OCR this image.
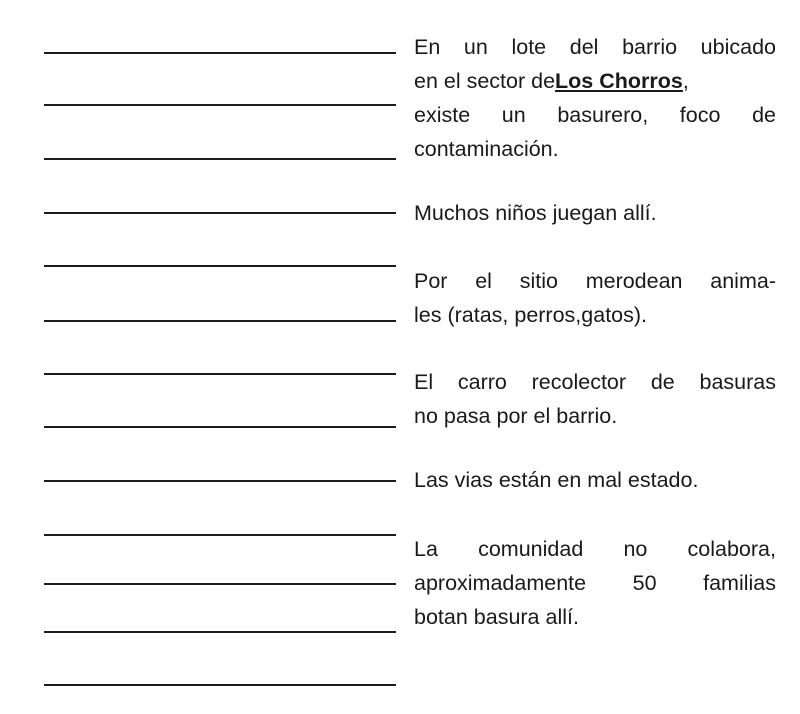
En un lote del barrio ubicado
en el sector deLos Chorros,
existe un basurero, foco de
contaminación.
Muchos niños juegan allí.
Por el sitio merodean anima-
les (ratas, perros,gatos).
El carro recolector de basuras
no pasa por el barrio.
Las vias están en mal estado.
La comunidad no colabora,
aproximadamente 50 familias
botan basura allí.
